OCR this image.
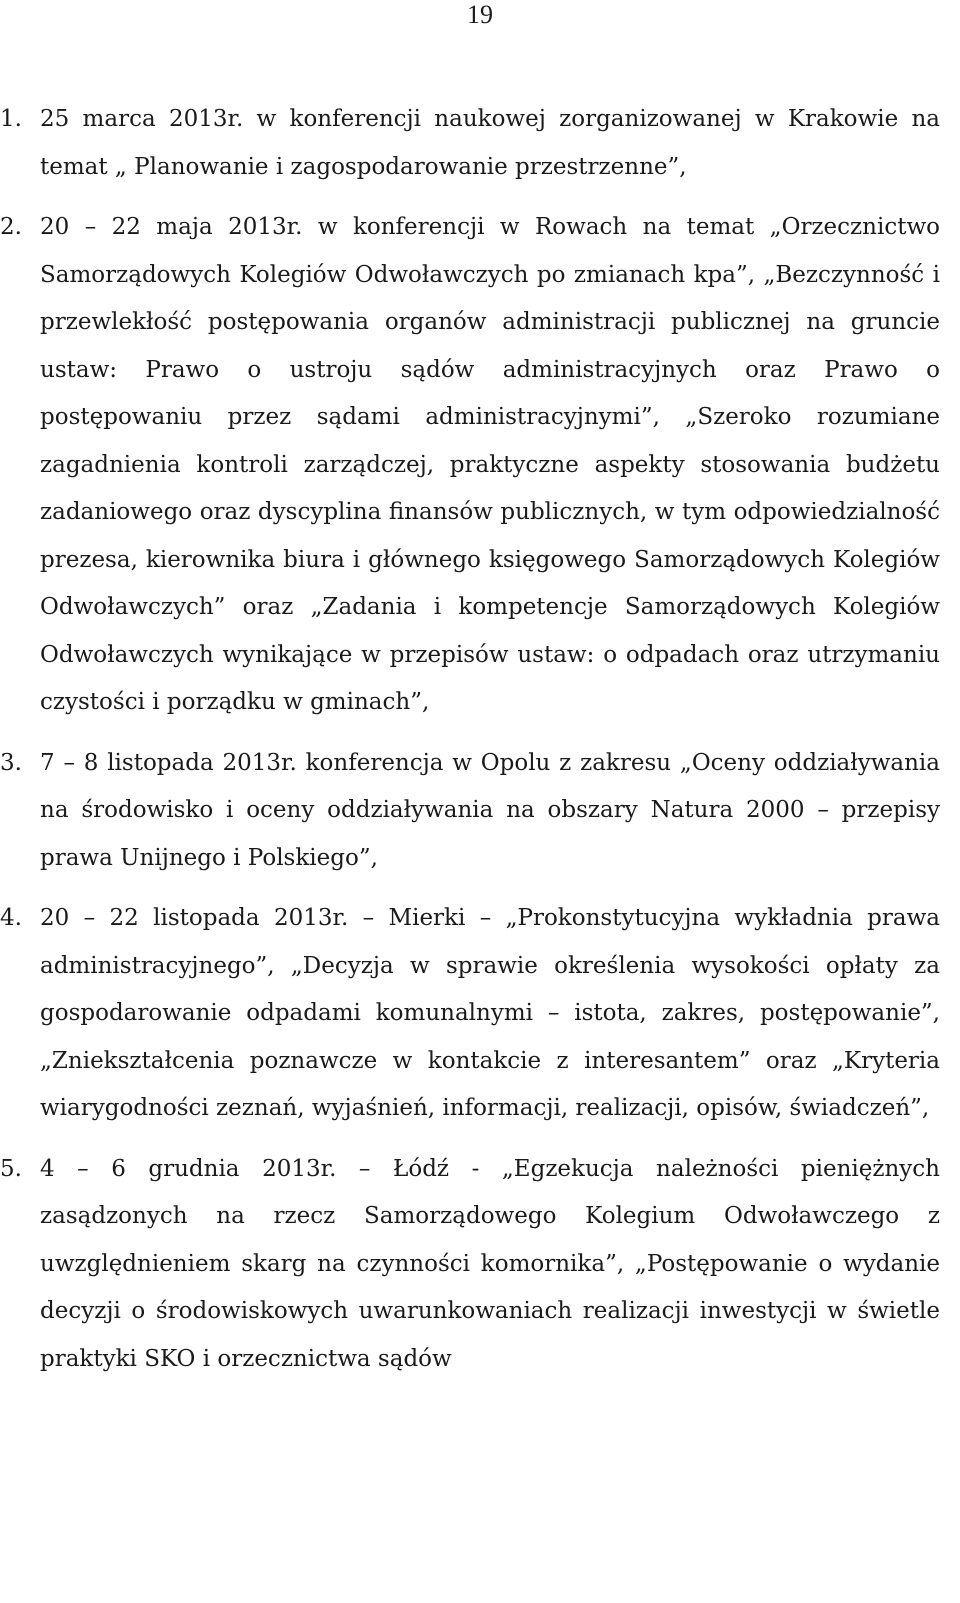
19
1. 25 marca 2013r. w konferencji naukowej zorganizowanej w Krakowie na temat „ Planowanie i zagospodarowanie przestrzenne”,
2. 20 – 22 maja 2013r. w konferencji w Rowach na temat „Orzecznictwo Samorządowych Kolegiów Odwoławczych po zmianach kpa”, „Bezczynność i przewlekłość postępowania organów administracji publicznej na gruncie ustaw: Prawo o ustroju sądów administracyjnych oraz Prawo o postępowaniu przez sądami administracyjnymi”, „Szeroko rozumiane zagadnienia kontroli zarządczej, praktyczne aspekty stosowania budżetu zadaniowego oraz dyscyplina finansów publicznych, w tym odpowiedzialność prezesa, kierownika biura i głównego księgowego Samorządowych Kolegiów Odwoławczych” oraz „Zadania i kompetencje Samorządowych Kolegiów Odwoławczych wynikające w przepisów ustaw: o odpadach oraz utrzymaniu czystości i porządku w gminach”,
3. 7 – 8 listopada 2013r. konferencja w Opolu z zakresu „Oceny oddziaływania na środowisko i oceny oddziaływania na obszary Natura 2000 – przepisy prawa Unijnego i Polskiego”,
4. 20 – 22 listopada 2013r. – Mierki – „Prokonstytucyjna wykładnia prawa administracyjnego”, „Decyzja w sprawie określenia wysokości opłaty za gospodarowanie odpadami komunalnymi – istota, zakres, postępowanie”, „Zniekształcenia poznawcze w kontakcie z interesantem” oraz „Kryteria wiarygodności zeznań, wyjaśnień, informacji, realizacji, opisów, świadczeń”,
5. 4 – 6 grudnia 2013r. – Łódź - „Egzekucja należności pieniężnych zasądzonych na rzecz Samorządowego Kolegium Odwoławczego z uwzględnieniem skarg na czynności komornika”, „Postępowanie o wydanie decyzji o środowiskowych uwarunkowaniach realizacji inwestycji w świetle praktyki SKO i orzecznictwa sądów
